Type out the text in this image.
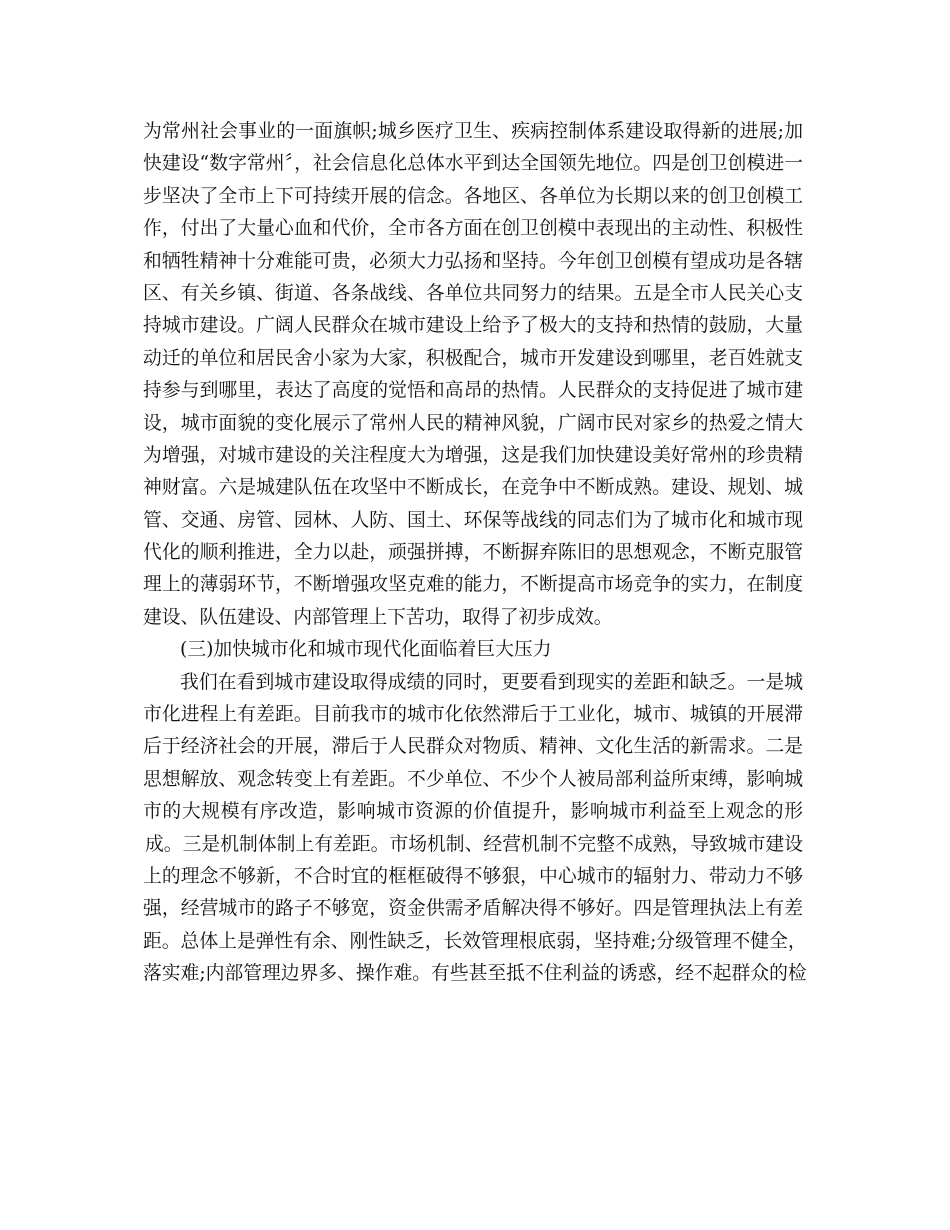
为常州社会事业的一面旗帜;城乡医疗卫生、疾病控制体系建设取得新的进展;加
快建设“数字常州〞，社会信息化总体水平到达全国领先地位。四是创卫创模进一
步坚决了全市上下可持续开展的信念。各地区、各单位为长期以来的创卫创模工
作，付出了大量心血和代价，全市各方面在创卫创模中表现出的主动性、积极性
和牺牲精神十分难能可贵，必须大力弘扬和坚持。今年创卫创模有望成功是各辖
区、有关乡镇、街道、各条战线、各单位共同努力的结果。五是全市人民关心支
持城市建设。广阔人民群众在城市建设上给予了极大的支持和热情的鼓励，大量
动迁的单位和居民舍小家为大家，积极配合，城市开发建设到哪里，老百姓就支
持参与到哪里，表达了高度的觉悟和高昂的热情。人民群众的支持促进了城市建
设，城市面貌的变化展示了常州人民的精神风貌，广阔市民对家乡的热爱之情大
为增强，对城市建设的关注程度大为增强，这是我们加快建设美好常州的珍贵精
神财富。六是城建队伍在攻坚中不断成长，在竞争中不断成熟。建设、规划、城
管、交通、房管、园林、人防、国土、环保等战线的同志们为了城市化和城市现
代化的顺利推进，全力以赴，顽强拼搏，不断摒弃陈旧的思想观念，不断克服管
理上的薄弱环节，不断增强攻坚克难的能力，不断提高市场竞争的实力，在制度
建设、队伍建设、内部管理上下苦功，取得了初步成效。
(三)加快城市化和城市现代化面临着巨大压力
我们在看到城市建设取得成绩的同时，更要看到现实的差距和缺乏。一是城
市化进程上有差距。目前我市的城市化依然滞后于工业化，城市、城镇的开展滞
后于经济社会的开展，滞后于人民群众对物质、精神、文化生活的新需求。二是
思想解放、观念转变上有差距。不少单位、不少个人被局部利益所束缚，影响城
市的大规模有序改造，影响城市资源的价值提升，影响城市利益至上观念的形
成。三是机制体制上有差距。市场机制、经营机制不完整不成熟，导致城市建设
上的理念不够新，不合时宜的框框破得不够狠，中心城市的辐射力、带动力不够
强，经营城市的路子不够宽，资金供需矛盾解决得不够好。四是管理执法上有差
距。总体上是弹性有余、刚性缺乏，长效管理根底弱，坚持难;分级管理不健全，
落实难;内部管理边界多、操作难。有些甚至抵不住利益的诱惑，经不起群众的检
